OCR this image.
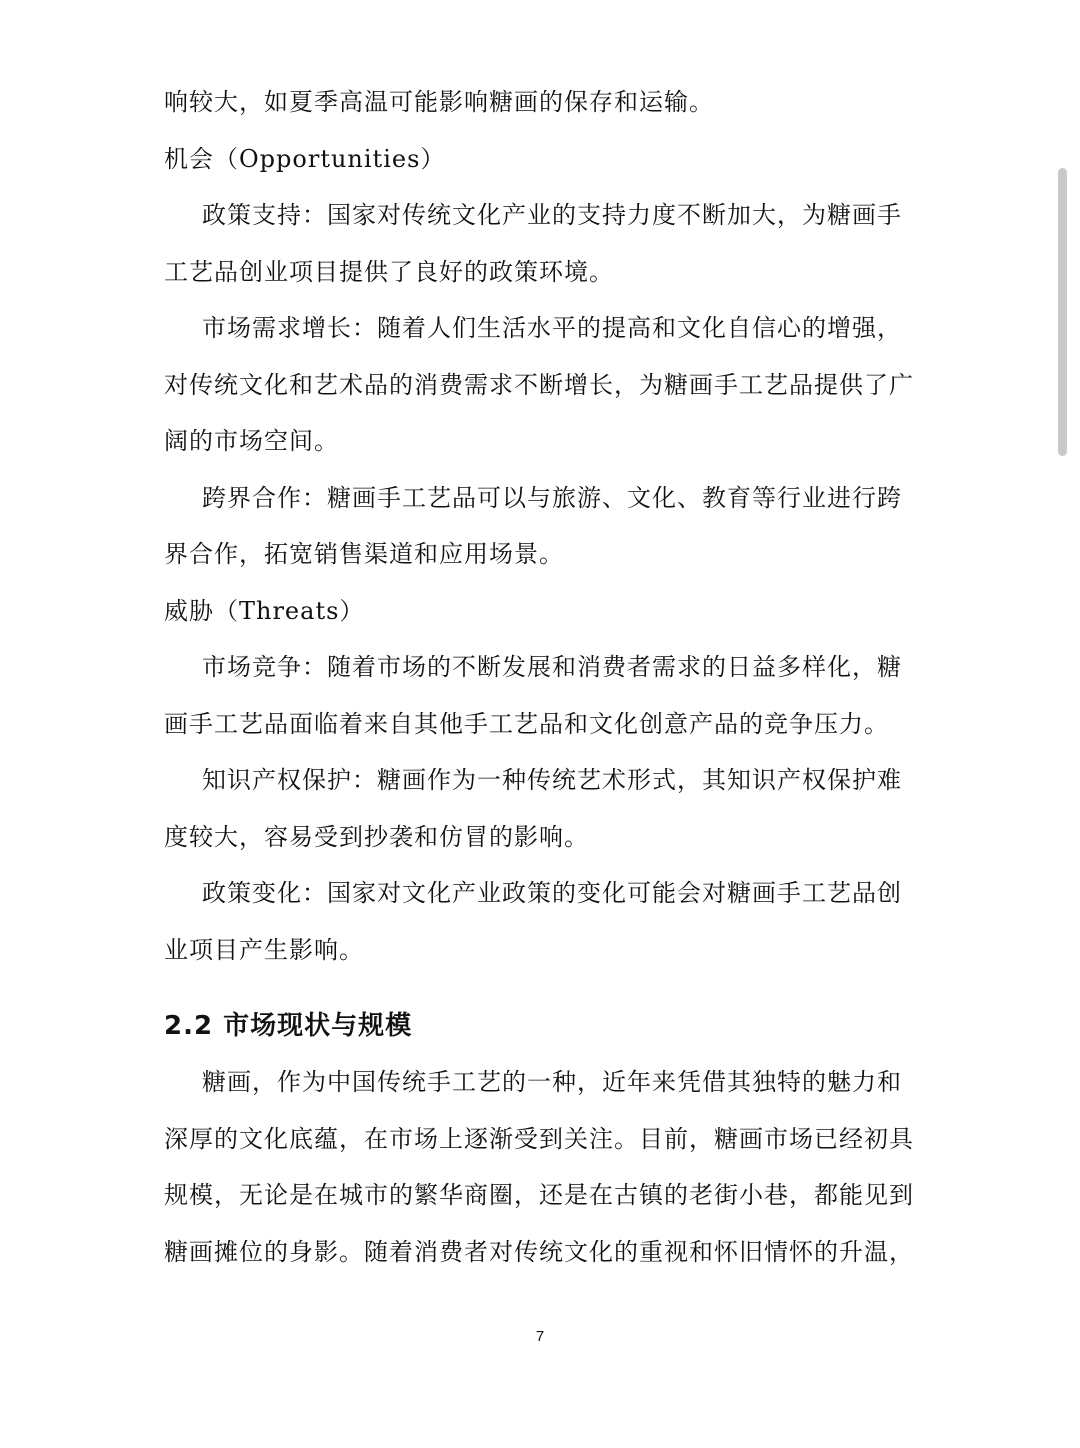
响较大，如夏季高温可能影响糖画的保存和运输。
机会（Opportunities）
政策支持：国家对传统文化产业的支持力度不断加大，为糖画手
工艺品创业项目提供了良好的政策环境。
市场需求增长：随着人们生活水平的提高和文化自信心的增强，
对传统文化和艺术品的消费需求不断增长，为糖画手工艺品提供了广
阔的市场空间。
跨界合作：糖画手工艺品可以与旅游、文化、教育等行业进行跨
界合作，拓宽销售渠道和应用场景。
威胁（Threats）
市场竞争：随着市场的不断发展和消费者需求的日益多样化，糖
画手工艺品面临着来自其他手工艺品和文化创意产品的竞争压力。
知识产权保护：糖画作为一种传统艺术形式，其知识产权保护难
度较大，容易受到抄袭和仿冒的影响。
政策变化：国家对文化产业政策的变化可能会对糖画手工艺品创
业项目产生影响。
2.2 市场现状与规模
糖画，作为中国传统手工艺的一种，近年来凭借其独特的魅力和
深厚的文化底蕴，在市场上逐渐受到关注。目前，糖画市场已经初具
规模，无论是在城市的繁华商圈，还是在古镇的老街小巷，都能见到
糖画摊位的身影。随着消费者对传统文化的重视和怀旧情怀的升温，
7
